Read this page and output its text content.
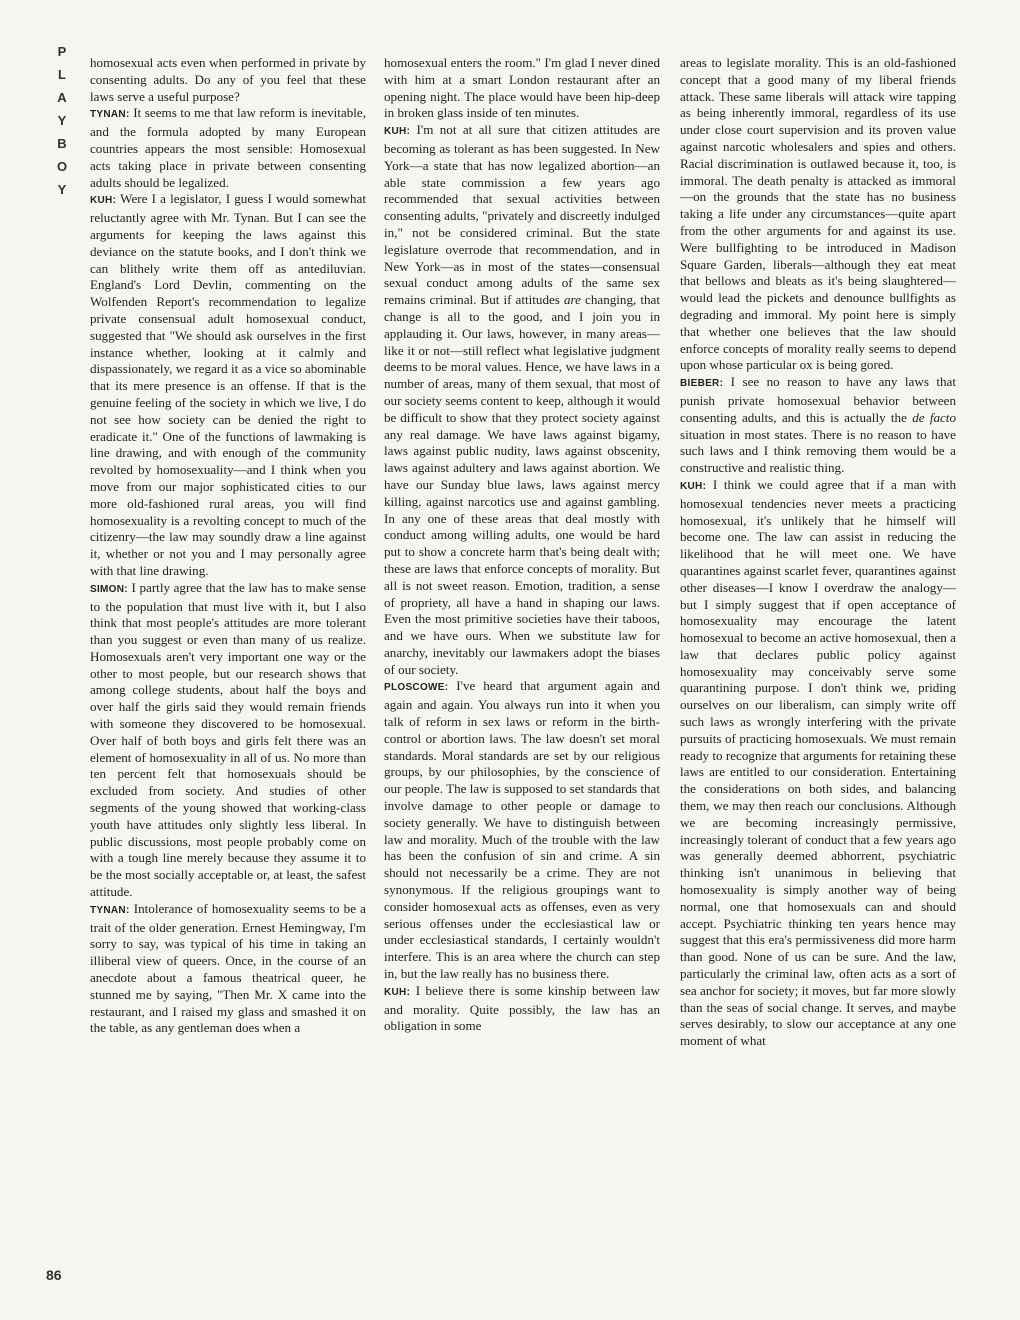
P
L
A
Y
B
O
Y
86

homosexual acts even when performed in private by consenting adults. Do any of you feel that these laws serve a useful purpose?

TYNAN: It seems to me that law reform is inevitable, and the formula adopted by many European countries appears the most sensible: Homosexual acts taking place in private between consenting adults should be legalized.

KUH: Were I a legislator, I guess I would somewhat reluctantly agree with Mr. Tynan. But I can see the arguments for keeping the laws against this deviance on the statute books, and I don't think we can blithely write them off as antediluvian. England's Lord Devlin, commenting on the Wolfenden Report's recommendation to legalize private consensual adult homosexual conduct, suggested that "We should ask ourselves in the first instance whether, looking at it calmly and dispassionately, we regard it as a vice so abominable that its mere presence is an offense. If that is the genuine feeling of the society in which we live, I do not see how society can be denied the right to eradicate it." One of the functions of lawmaking is line drawing, and with enough of the community revolted by homosexuality—and I think when you move from our major sophisticated cities to our more old-fashioned rural areas, you will find homosexuality is a revolting concept to much of the citizenry—the law may soundly draw a line against it, whether or not you and I may personally agree with that line drawing.

SIMON: I partly agree that the law has to make sense to the population that must live with it, but I also think that most people's attitudes are more tolerant than you suggest or even than many of us realize. Homosexuals aren't very important one way or the other to most people, but our research shows that among college students, about half the boys and over half the girls said they would remain friends with someone they discovered to be homosexual. Over half of both boys and girls felt there was an element of homosexuality in all of us. No more than ten percent felt that homosexuals should be excluded from society. And studies of other segments of the young showed that working-class youth have attitudes only slightly less liberal. In public discussions, most people probably come on with a tough line merely because they assume it to be the most socially acceptable or, at least, the safest attitude.

TYNAN: Intolerance of homosexuality seems to be a trait of the older generation. Ernest Hemingway, I'm sorry to say, was typical of his time in taking an illiberal view of queers. Once, in the course of an anecdote about a famous theatrical queer, he stunned me by saying, "Then Mr. X came into the restaurant, and I raised my glass and smashed it on the table, as any gentleman does when a

homosexual enters the room." I'm glad I never dined with him at a smart London restaurant after an opening night. The place would have been hip-deep in broken glass inside of ten minutes.

KUH: I'm not at all sure that citizen attitudes are becoming as tolerant as has been suggested. In New York—a state that has now legalized abortion—an able state commission a few years ago recommended that sexual activities between consenting adults, "privately and discreetly indulged in," not be considered criminal. But the state legislature overrode that recommendation, and in New York—as in most of the states—consensual sexual conduct among adults of the same sex remains criminal. But if attitudes are changing, that change is all to the good, and I join you in applauding it. Our laws, however, in many areas—like it or not—still reflect what legislative judgment deems to be moral values. Hence, we have laws in a number of areas, many of them sexual, that most of our society seems content to keep, although it would be difficult to show that they protect society against any real damage. We have laws against bigamy, laws against public nudity, laws against obscenity, laws against adultery and laws against abortion. We have our Sunday blue laws, laws against mercy killing, against narcotics use and against gambling. In any one of these areas that deal mostly with conduct among willing adults, one would be hard put to show a concrete harm that's being dealt with; these are laws that enforce concepts of morality. But all is not sweet reason. Emotion, tradition, a sense of propriety, all have a hand in shaping our laws. Even the most primitive societies have their taboos, and we have ours. When we substitute law for anarchy, inevitably our lawmakers adopt the biases of our society.

PLOSCOWE: I've heard that argument again and again and again. You always run into it when you talk of reform in sex laws or reform in the birth-control or abortion laws. The law doesn't set moral standards. Moral standards are set by our religious groups, by our philosophies, by the conscience of our people. The law is supposed to set standards that involve damage to other people or damage to society generally. We have to distinguish between law and morality. Much of the trouble with the law has been the confusion of sin and crime. A sin should not necessarily be a crime. They are not synonymous. If the religious groupings want to consider homosexual acts as offenses, even as very serious offenses under the ecclesiastical law or under ecclesiastical standards, I certainly wouldn't interfere. This is an area where the church can step in, but the law really has no business there.

KUH: I believe there is some kinship between law and morality. Quite possibly, the law has an obligation in some

areas to legislate morality. This is an old-fashioned concept that a good many of my liberal friends attack. These same liberals will attack wire tapping as being inherently immoral, regardless of its use under close court supervision and its proven value against narcotic wholesalers and spies and others. Racial discrimination is outlawed because it, too, is immoral. The death penalty is attacked as immoral—on the grounds that the state has no business taking a life under any circumstances—quite apart from the other arguments for and against its use. Were bullfighting to be introduced in Madison Square Garden, liberals—although they eat meat that bellows and bleats as it's being slaughtered—would lead the pickets and denounce bullfights as degrading and immoral. My point here is simply that whether one believes that the law should enforce concepts of morality really seems to depend upon whose particular ox is being gored.

BIEBER: I see no reason to have any laws that punish private homosexual behavior between consenting adults, and this is actually the de facto situation in most states. There is no reason to have such laws and I think removing them would be a constructive and realistic thing.

KUH: I think we could agree that if a man with homosexual tendencies never meets a practicing homosexual, it's unlikely that he himself will become one. The law can assist in reducing the likelihood that he will meet one. We have quarantines against scarlet fever, quarantines against other diseases—I know I overdraw the analogy—but I simply suggest that if open acceptance of homosexuality may encourage the latent homosexual to become an active homosexual, then a law that declares public policy against homosexuality may conceivably serve some quarantining purpose. I don't think we, priding ourselves on our liberalism, can simply write off such laws as wrongly interfering with the private pursuits of practicing homosexuals. We must remain ready to recognize that arguments for retaining these laws are entitled to our consideration. Entertaining the considerations on both sides, and balancing them, we may then reach our conclusions. Although we are becoming increasingly permissive, increasingly tolerant of conduct that a few years ago was generally deemed abhorrent, psychiatric thinking isn't unanimous in believing that homosexuality is simply another way of being normal, one that homosexuals can and should accept. Psychiatric thinking ten years hence may suggest that this era's permissiveness did more harm than good. None of us can be sure. And the law, particularly the criminal law, often acts as a sort of sea anchor for society; it moves, but far more slowly than the seas of social change. It serves, and maybe serves desirably, to slow our acceptance at any one moment of what
